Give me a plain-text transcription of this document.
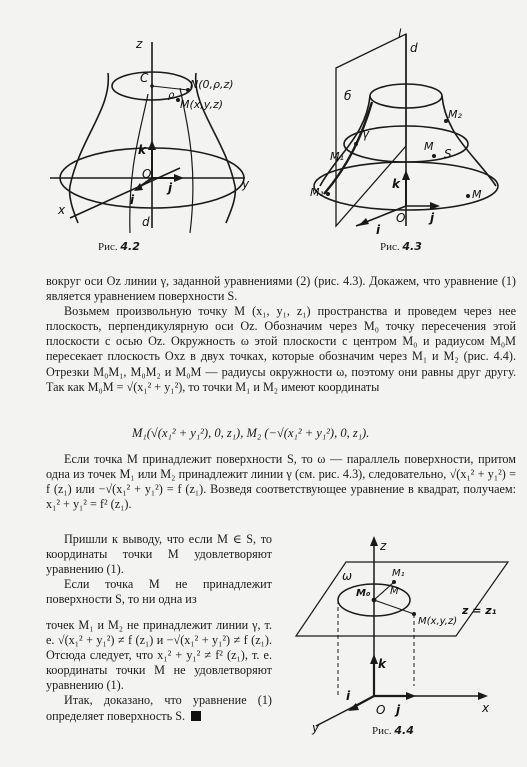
z
C	N(0,ρ,z)
ρ
M(x,y,z)
k
O
j	y
x
i
d
Рис. 4.2
l
d
б
M₂
γ
M₁
M
S
k
M₁
O j
i
M
Рис. 4.3

вокруг оси Oz линии γ, заданной уравнениями (2) (рис. 4.3). Докажем, что уравнение (1) является уравнением поверхности S.

Возьмем произвольную точку M (x₁, y₁, z₁) пространства и проведем через нее плоскость, перпендикулярную оси Oz. Обозначим через M₀ точку пересечения этой плоскости с осью Oz. Окружность ω этой плоскости с центром M₀ и радиусом M₀M пересекает плоскость Oxz в двух точках, которые обозначим через M₁ и M₂ (рис. 4.4). Отрезки M₀M₁, M₀M₂ и M₀M — радиусы окружности ω, поэтому они равны друг другу. Так как M₀M = √(x₁² + y₁²), то точки M₁ и M₂ имеют координаты

M₁(√(x₁² + y₁²), 0, z₁), M₂ (−√(x₁² + y₁²), 0, z₁).

Если точка M принадлежит поверхности S, то ω — параллель поверхности, притом одна из точек M₁ или M₂ принадлежит линии γ (см. рис. 4.3), следовательно, √(x₁² + y₁²) = f (z₁) или −√(x₁² + y₁²) = f (z₁). Возведя соответствующее уравнение в квадрат, получаем: x₁² + y₁² = f² (z₁).

Пришли к выводу, что если M ∈ S, то координаты точки M удовлетворяют уравнению (1).

Если точка M не принадлежит поверхности S, то ни одна из

точек M₁ и M₂ не принадлежит линии γ, т. е. √(x₁² + y₁²) ≠ f (z₁) и −√(x₁² + y₁²) ≠ f (z₁). Отсюда следует, что x₁² + y₁² ≠ f² (z₁), т. е. координаты точки M не удовлетворяют уравнению (1).

Итак, доказано, что уравнение (1) определяет поверхность S.

z
ω	M₁
M₀ M
M(x,y,z)
z = z₁
k
O j	x
i
y	Рис. 4.4
